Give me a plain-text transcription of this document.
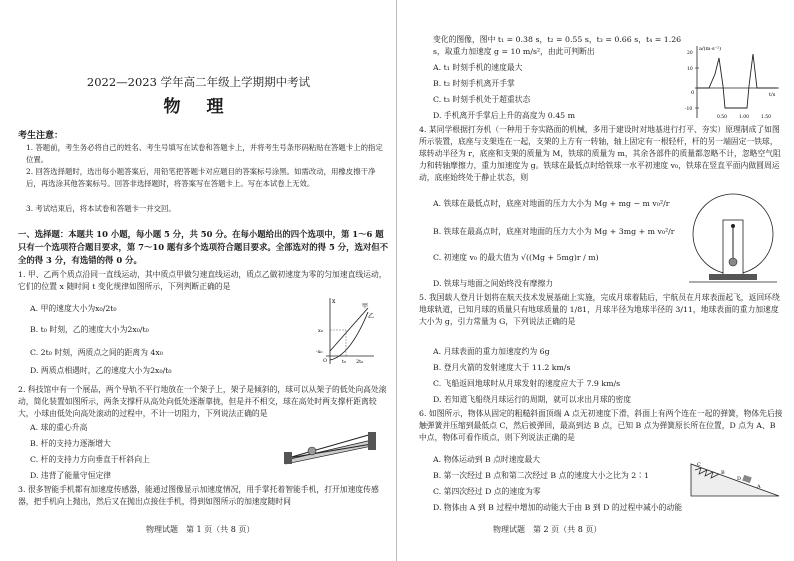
2022—2023 学年高二年级上学期期中考试
物 理
考生注意：
1. 答题前，考生务必将自己的姓名、考生号填写在试卷和答题卡上，并将考生号条形码粘贴在答题卡上的指定位置。
2. 回答选择题时，选出每小题答案后，用铅笔把答题卡对应题目的答案标号涂黑。如需改动，用橡皮擦干净后，再选涂其他答案标号。回答非选择题时，将答案写在答题卡上。写在本试卷上无效。
3. 考试结束后，将本试卷和答题卡一并交回。
一、选择题：本题共 10 小题，每小题 5 分，共 50 分。在每小题给出的四个选项中，第 1～6 题只有一个选项符合题目要求，第 7～10 题有多个选项符合题目要求。全部选对的得 5 分，选对但不全的得 3 分，有选错的得 0 分。
1. 甲、乙两个质点沿同一直线运动，其中质点甲做匀速直线运动，质点乙做初速度为零的匀加速直线运动，它们的位置 x 随时间 t 变化规律如图所示，下列判断正确的是
A. 甲的速度大小为x₀/2t₀
B. t₀ 时刻，乙的速度大小为2x₀/t₀
C. 2t₀ 时刻，两质点之间的距离为 4x₀
D. 两质点相遇时，乙的速度大小为2x₀/t₀
x
甲
乙
O	t₀ 2t₀
x₀
-x₀
2. 科技馆中有一个展品，两个导轨不平行地放在一个架子上，架子是倾斜的，球可以从架子的低处向高处滚动，简化装置如图所示，两条支撑杆从高处向低处逐渐靠拢，但是并不相交，球在高处时两支撑杆距离较大，小球由低处向高处滚动的过程中，不计一切阻力，下列说法正确的是
A. 球的重心升高
B. 杆的支持力逐渐增大
C. 杆的支持力方向垂直于杆斜向上
D. 违背了能量守恒定律
3. 很多智能手机都有加速度传感器，能通过图像显示加速度情况，用手掌托着智能手机，打开加速度传感器，把手机向上抛出，然后又在抛出点接住手机，得到如图所示的加速度随时间
物理试题　第 1 页（共 8 页）
变化的图像，图中 t₁ = 0.38 s，t₂ = 0.55 s，t₃ = 0.66 s，t₄ = 1.26 s，取重力加速度 g = 10 m/s²，由此可判断出
A. t₁ 时刻手机的速度最大
B. t₂ 时刻手机离开手掌
C. t₃ 时刻手机处于超重状态
D. 手机离开手掌后上升的高度为 0.45 m
a/(m·s⁻²)
t/s
0
0.50	1.00	1.50
10
20
-10
4. 某同学根据打夯机（一种用于夯实路面的机械，多用于建设时对地基进行打平、夯实）原理制成了如图所示装置，底座与支架连在一起，支架的上方有一转轴，轴上固定有一根轻杆，杆的另一端固定一铁球，球转动半径为 r，底座和支架的质量为 M，铁球的质量为 m，其余各部件的质量都忽略不计，忽略空气阻力和转轴摩擦力，重力加速度为 g。铁球在最低点时给铁球一水平初速度 v₀，铁球在竖直平面内做圆周运动，底座始终处于静止状态，则
A. 铁球在最低点时，底座对地面的压力大小为 Mg + mg − m v₀²/r
B. 铁球在最高点时，底座对地面的压力大小为 Mg + 3mg + m v₀²/r
C. 初速度 v₀ 的最大值为 √((Mg + 5mg)r / m)
D. 铁球与地面之间始终没有摩擦力
5. 我国载人登月计划将在航天技术发展基础上实施，完成月球着陆后，宇航员在月球表面起飞，返回环绕地球轨道，已知月球的质量只有地球质量的 1/81，月球半径为地球半径的 3/11，地球表面的重力加速度大小为 g，引力常量为 G，下列说法正确的是
A. 月球表面的重力加速度约为 6g
B. 登月火箭的发射速度大于 11.2 km/s
C. 飞船返回地球时从月球发射的速度应大于 7.9 km/s
D. 若知道飞船绕月球运行的周期，就可以求出月球的密度
6. 如图所示，物体从固定的粗糙斜面顶端 A 点无初速度下滑，斜面上有两个连在一起的弹簧，物体先后接触弹簧并压缩到最低点 C，然后被弹回，最高到达 B 点，已知 B 点为弹簧原长所在位置，D 点为 A、B 中点，物体可看作质点，则下列说法正确的是
A. 物体运动到 B 点时速度最大
B. 第一次经过 B 点和第二次经过 B 点的速度大小之比为 2∶1
C. 第四次经过 D 点的速度为零
D. 物体由 A 到 B 过程中增加的动能大于由 B 到 D 的过程中减小的动能
B
D
A
C
物理试题　第 2 页（共 8 页）
